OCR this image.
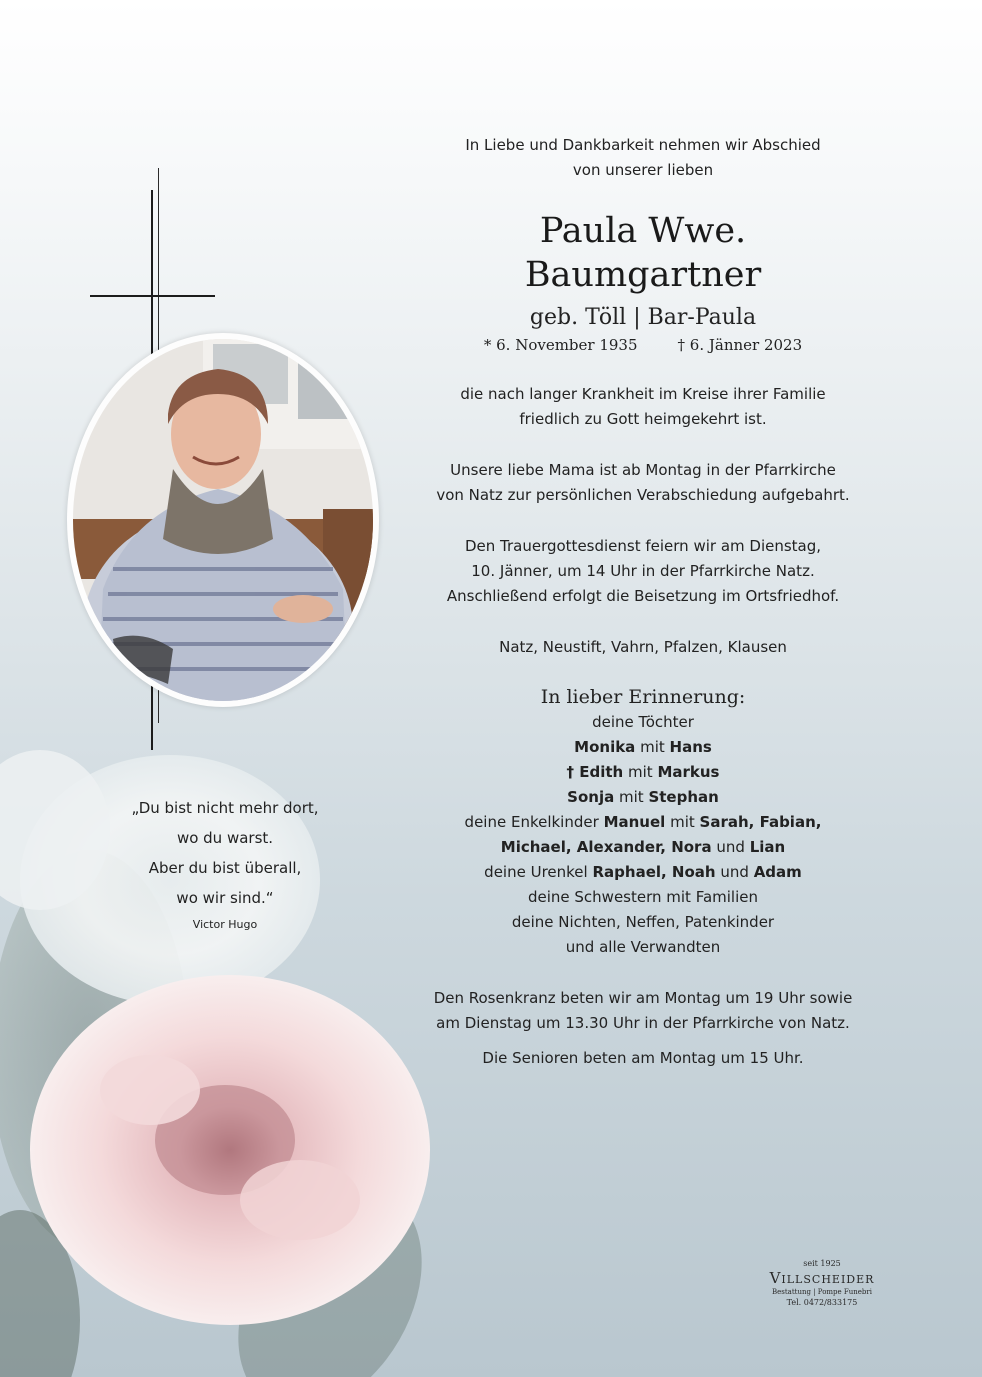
„Du bist nicht mehr dort,
wo du warst.
Aber du bist überall,
wo wir sind.“
Victor Hugo
In Liebe und Dankbarkeit nehmen wir Abschied
von unserer lieben
Paula Wwe. Baumgartner
geb. Töll | Bar-Paula
* 6. November 1935	† 6. Jänner 2023
die nach langer Krankheit im Kreise ihrer Familie
friedlich zu Gott heimgekehrt ist.
Unsere liebe Mama ist ab Montag in der Pfarrkirche
von Natz zur persönlichen Verabschiedung aufgebahrt.
Den Trauergottesdienst feiern wir am Dienstag,
10. Jänner, um 14 Uhr in der Pfarrkirche Natz.
Anschließend erfolgt die Beisetzung im Ortsfriedhof.
Natz, Neustift, Vahrn, Pfalzen, Klausen
In lieber Erinnerung:
deine Töchter
Monika mit Hans
† Edith mit Markus
Sonja mit Stephan
deine Enkelkinder Manuel mit Sarah, Fabian,
Michael, Alexander, Nora und Lian
deine Urenkel Raphael, Noah und Adam
deine Schwestern mit Familien
deine Nichten, Neffen, Patenkinder
und alle Verwandten
Den Rosenkranz beten wir am Montag um 19 Uhr sowie
am Dienstag um 13.30 Uhr in der Pfarrkirche von Natz.
Die Senioren beten am Montag um 15 Uhr.
seit 1925
Villscheider
Bestattung | Pompe Funebri
Tel. 0472/833175
